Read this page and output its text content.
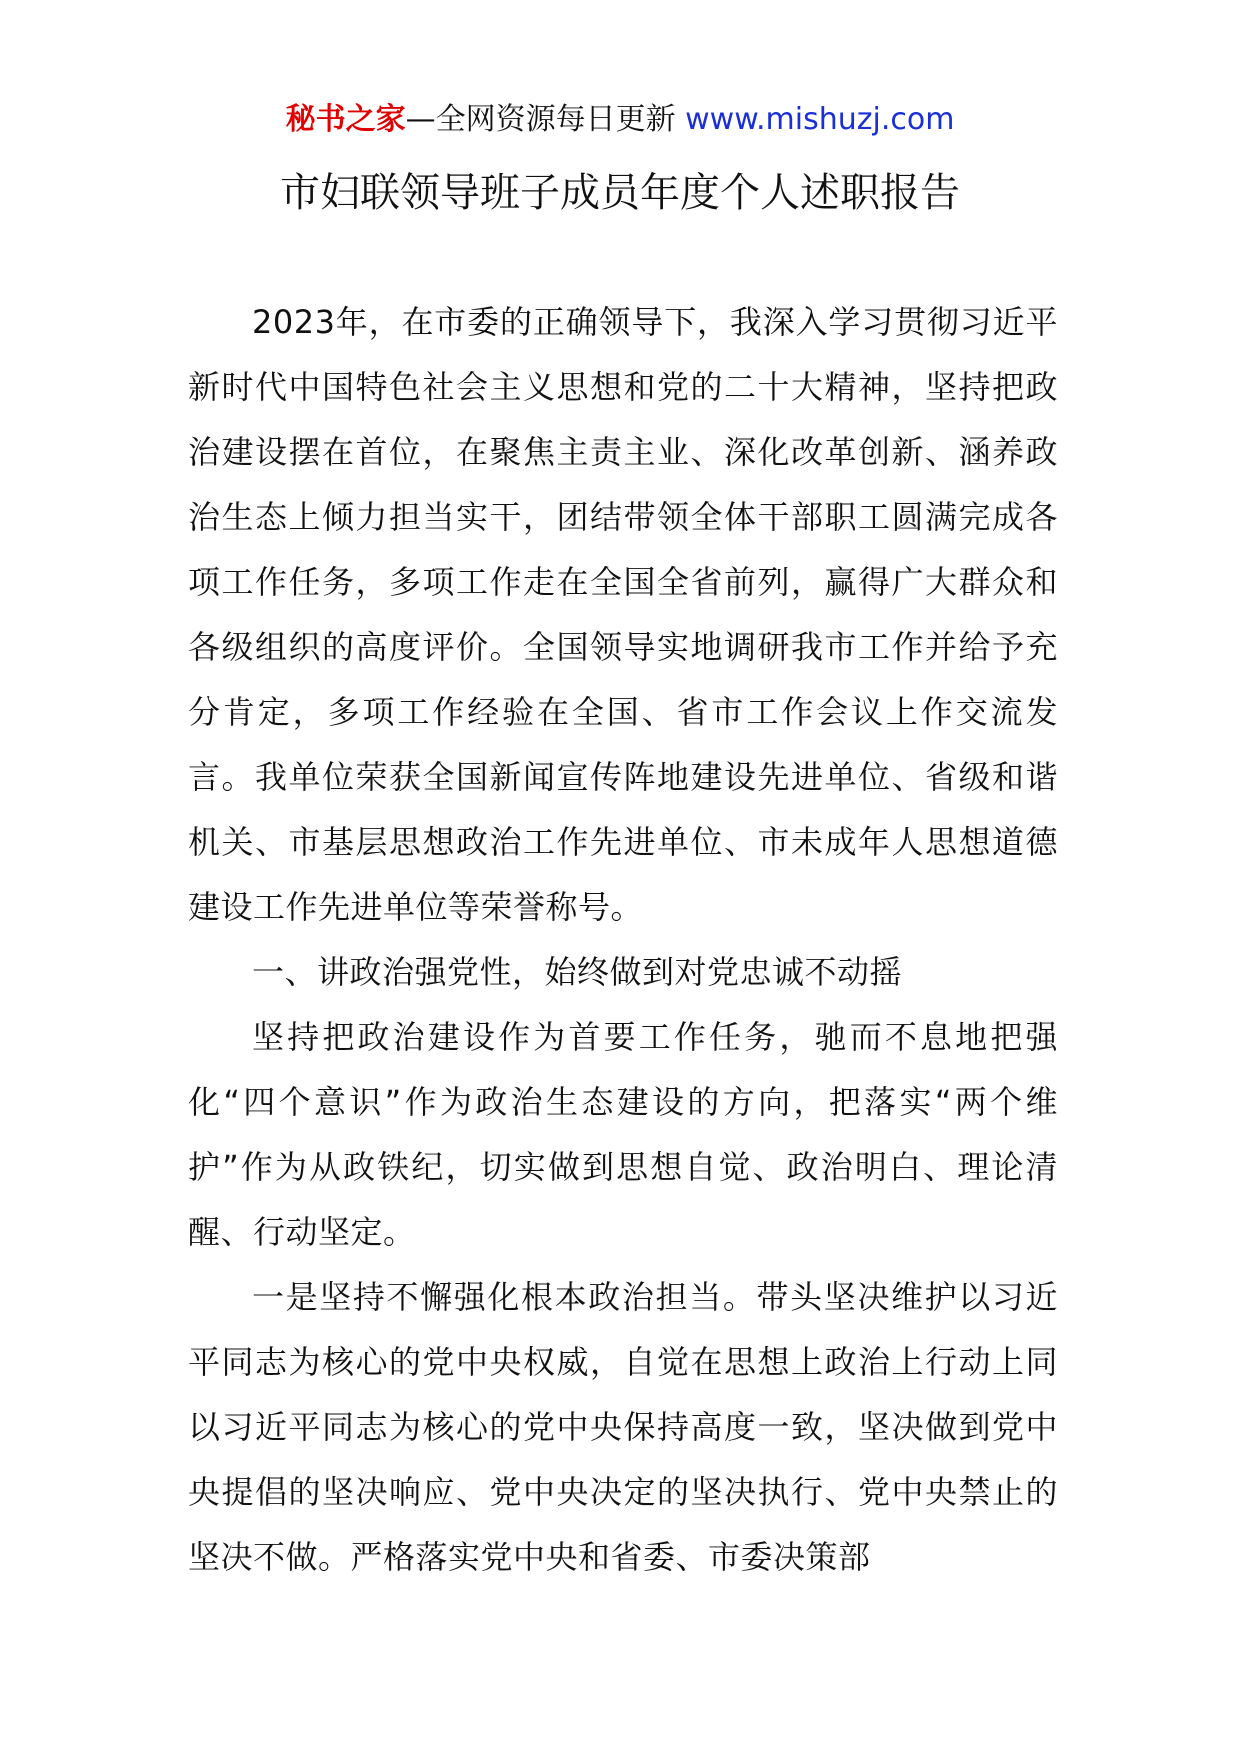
秘书之家—全网资源每日更新 www.mishuzj.com
市妇联领导班子成员年度个人述职报告

2023年，在市委的正确领导下，我深入学习贯彻习近平新时代中国特色社会主义思想和党的二十大精神，坚持把政治建设摆在首位，在聚焦主责主业、深化改革创新、涵养政治生态上倾力担当实干，团结带领全体干部职工圆满完成各项工作任务，多项工作走在全国全省前列，赢得广大群众和各级组织的高度评价。全国领导实地调研我市工作并给予充分肯定，多项工作经验在全国、省市工作会议上作交流发言。我单位荣获全国新闻宣传阵地建设先进单位、省级和谐机关、市基层思想政治工作先进单位、市未成年人思想道德建设工作先进单位等荣誉称号。

一、讲政治强党性，始终做到对党忠诚不动摇

坚持把政治建设作为首要工作任务，驰而不息地把强化“四个意识”作为政治生态建设的方向，把落实“两个维护”作为从政铁纪，切实做到思想自觉、政治明白、理论清醒、行动坚定。

一是坚持不懈强化根本政治担当。带头坚决维护以习近平同志为核心的党中央权威，自觉在思想上政治上行动上同以习近平同志为核心的党中央保持高度一致，坚决做到党中央提倡的坚决响应、党中央决定的坚决执行、党中央禁止的坚决不做。严格落实党中央和省委、市委决策部
